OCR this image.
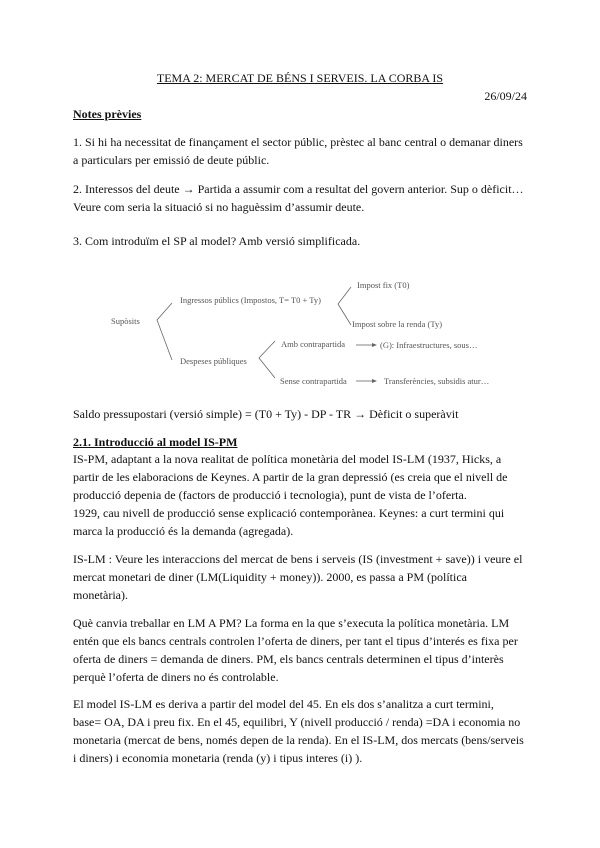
TEMA 2: MERCAT DE BÉNS I SERVEIS. LA CORBA IS
26/09/24
Notes prèvies
1. Si hi ha necessitat de finançament el sector públic, prèstec al banc central o demanar diners
a particulars per emissió de deute públic.
2. Interessos del deute → Partida a assumir com a resultat del govern anterior. Sup o dèficit…
Veure com seria la situació si no haguèssim d’assumir deute.
3. Com introduïm el SP al model? Amb versió simplificada.
Supòsits
Ingressos públics (Impostos, T= T0 + Ty)
Impost fix (T0)
Impost sobre la renda (Ty)
Despeses públiques
Amb contrapartida	(G): Infraestructures, sous…
Sense contrapartida	Transferències, subsidis atur…
Saldo pressupostari (versió simple) = (T0 + Ty) - DP - TR → Dèficit o superàvit
2.1. Introducció al model IS-PM
IS-PM, adaptant a la nova realitat de política monetària del model IS-LM (1937, Hicks, a
partir de les elaboracions de Keynes. A partir de la gran depressió (es creia que el nivell de
producció depenia de (factors de producció i tecnologia), punt de vista de l’oferta.
1929, cau nivell de producció sense explicació contemporànea. Keynes: a curt termini qui
marca la producció és la demanda (agregada).
IS-LM : Veure les interaccions del mercat de bens i serveis (IS (investment + save)) i veure el
mercat monetari de diner (LM(Liquidity + money)). 2000, es passa a PM (política
monetària).
Què canvia treballar en LM A PM? La forma en la que s’executa la política monetària. LM
entén que els bancs centrals controlen l’oferta de diners, per tant el tipus d’interés es fixa per
oferta de diners = demanda de diners. PM, els bancs centrals determinen el tipus d’interès
perquè l’oferta de diners no és controlable.
El model IS-LM es deriva a partir del model del 45. En els dos s’analitza a curt termini,
base= OA, DA i preu fix. En el 45, equilibri, Y (nivell producció / renda) =DA i economia no
monetaria (mercat de bens, només depen de la renda). En el IS-LM, dos mercats (bens/serveis
i diners) i economia monetaria (renda (y) i tipus interes (i) ).
